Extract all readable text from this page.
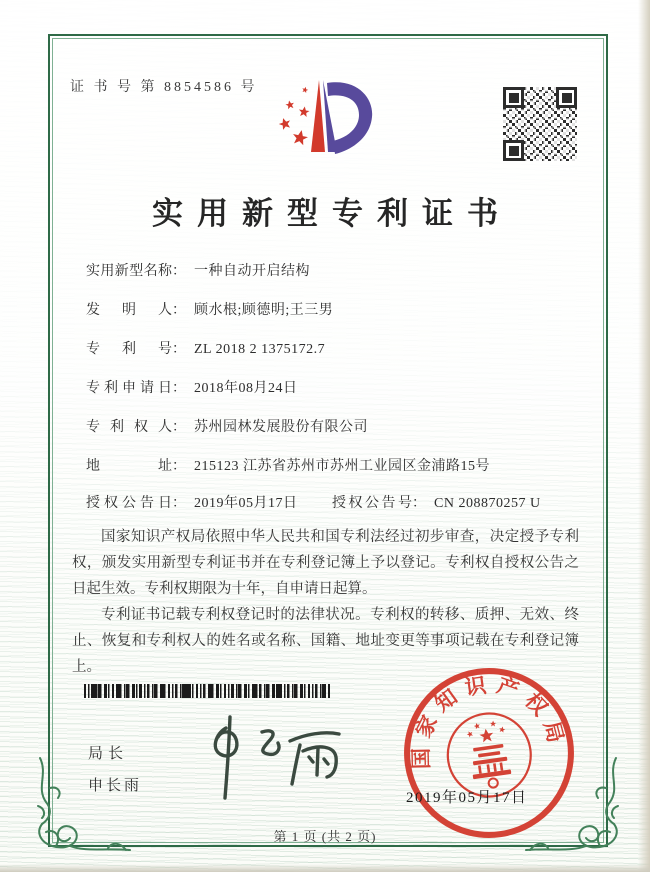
证 书 号 第 8854586 号
实用新型专利证书
实用新型名称： 一种自动开启结构
发明人： 顾水根;顾德明;王三男
专利号： ZL 2018 2 1375172.7
专利申请日： 2018年08月24日
专利权人： 苏州园林发展股份有限公司
地址： 215123 江苏省苏州市苏州工业园区金浦路15号
授权公告日： 2019年05月17日 授权公告号： CN 208870257 U

国家知识产权局依照中华人民共和国专利法经过初步审查，决定授予专利权，颁发实用新型专利证书并在专利登记簿上予以登记。专利权自授权公告之日起生效。专利权期限为十年，自申请日起算。

专利证书记载专利权登记时的法律状况。专利权的转移、质押、无效、终止、恢复和专利权人的姓名或名称、国籍、地址变更等事项记载在专利登记簿上。

局长
申长雨
国家知识产权局
2019年05月17日
第 1 页 (共 2 页)
